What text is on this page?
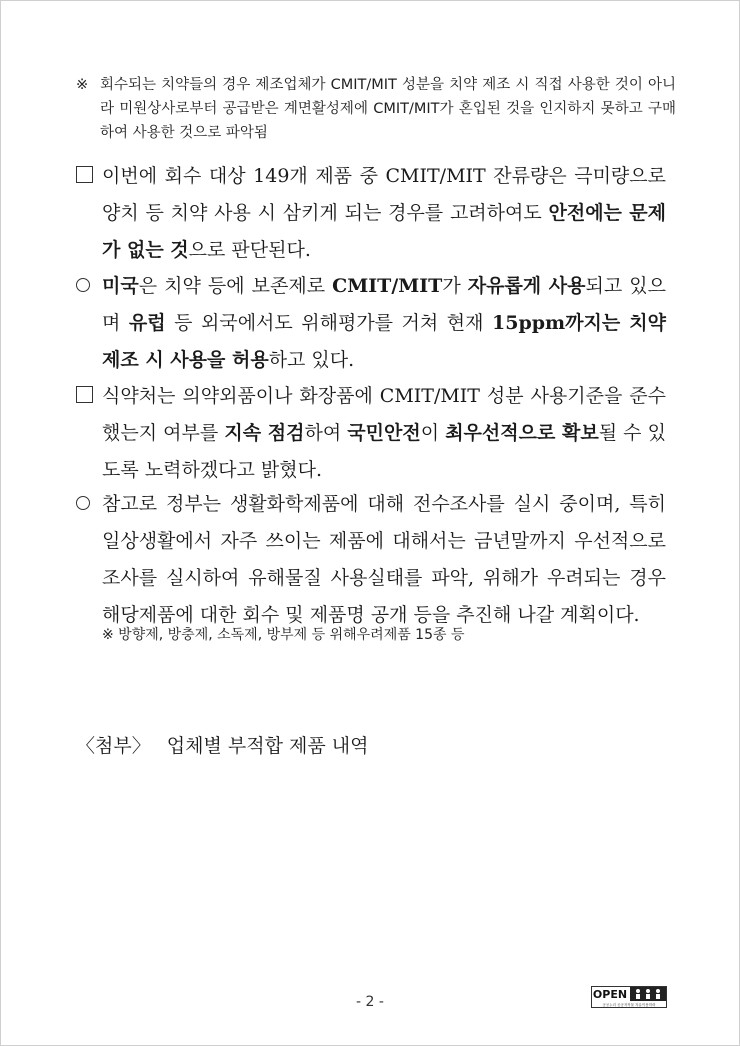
※ 회수되는 치약들의 경우 제조업체가 CMIT/MIT 성분을 치약 제조 시 직접 사용한 것이 아니라 미원상사로부터 공급받은 계면활성제에 CMIT/MIT가 혼입된 것을 인지하지 못하고 구매하여 사용한 것으로 파악됨
이번에 회수 대상 149개 제품 중 CMIT/MIT 잔류량은 극미량으로 양치 등 치약 사용 시 삼키게 되는 경우를 고려하여도 안전에는 문제가 없는 것으로 판단된다.
미국은 치약 등에 보존제로 CMIT/MIT가 자유롭게 사용되고 있으며 유럽 등 외국에서도 위해평가를 거쳐 현재 15ppm까지는 치약 제조 시 사용을 허용하고 있다.
식약처는 의약외품이나 화장품에 CMIT/MIT 성분 사용기준을 준수했는지 여부를 지속 점검하여 국민안전이 최우선적으로 확보될 수 있도록 노력하겠다고 밝혔다.
참고로 정부는 생활화학제품에 대해 전수조사를 실시 중이며, 특히 일상생활에서 자주 쓰이는 제품에 대해서는 금년말까지 우선적으로 조사를 실시하여 유해물질 사용실태를 파악, 위해가 우려되는 경우 해당제품에 대한 회수 및 제품명 공개 등을 추진해 나갈 계획이다.
※ 방향제, 방충제, 소독제, 방부제 등 위해우려제품 15종 등
〈첨부〉 업체별 부적합 제품 내역
- 2 -	OPEN
공공누리 공공저작물 자유이용허락
